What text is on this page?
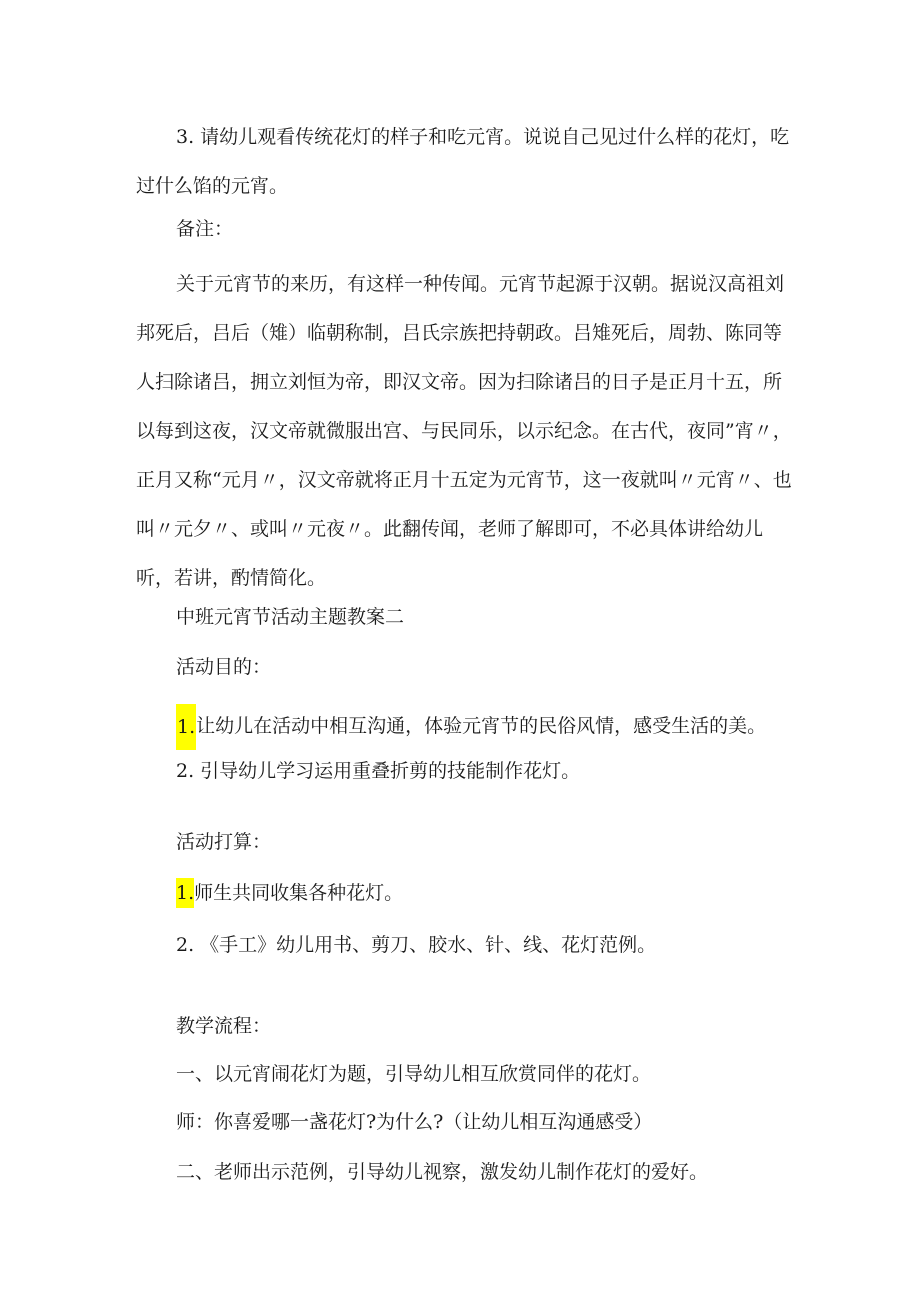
3. 请幼儿观看传统花灯的样子和吃元宵。说说自己见过什么样的花灯，吃过什么馅的元宵。

备注：

关于元宵节的来历，有这样一种传闻。元宵节起源于汉朝。据说汉高祖刘邦死后，吕后（雉）临朝称制，吕氏宗族把持朝政。吕雉死后，周勃、陈同等人扫除诸吕，拥立刘恒为帝，即汉文帝。因为扫除诸吕的日子是正月十五，所以每到这夜，汉文帝就微服出宫、与民同乐，以示纪念。在古代，夜同”宵〃，正月又称“元月〃，汉文帝就将正月十五定为元宵节，这一夜就叫〃元宵〃、也叫〃元夕〃、或叫〃元夜〃。此翻传闻，老师了解即可，不必具体讲给幼儿听，若讲，酌情简化。

中班元宵节活动主题教案二

活动目的：

1.让幼儿在活动中相互沟通，体验元宵节的民俗风情，感受生活的美。

2. 引导幼儿学习运用重叠折剪的技能制作花灯。

活动打算：

1.师生共同收集各种花灯。

2. 《手工》幼儿用书、剪刀、胶水、针、线、花灯范例。

教学流程：

一、以元宵闹花灯为题，引导幼儿相互欣赏同伴的花灯。

师：你喜爱哪一盏花灯?为什么?（让幼儿相互沟通感受）

二、老师出示范例，引导幼儿视察，激发幼儿制作花灯的爱好。
